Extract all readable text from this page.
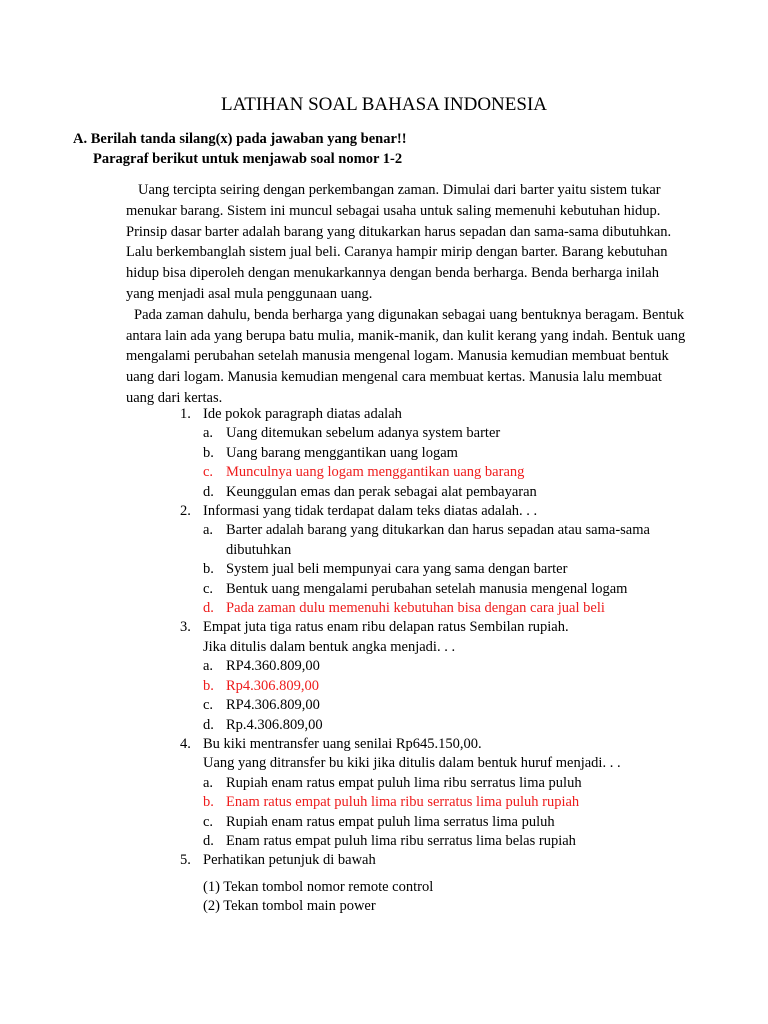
LATIHAN SOAL BAHASA INDONESIA
A. Berilah tanda silang(x) pada jawaban yang benar!!
Paragraf berikut untuk menjawab soal nomor 1-2

Uang tercipta seiring dengan perkembangan zaman. Dimulai dari barter yaitu sistem tukar menukar barang. Sistem ini muncul sebagai usaha untuk saling memenuhi kebutuhan hidup. Prinsip dasar barter adalah barang yang ditukarkan harus sepadan dan sama-sama dibutuhkan. Lalu berkembanglah sistem jual beli. Caranya hampir mirip dengan barter. Barang kebutuhan hidup bisa diperoleh dengan menukarkannya dengan benda berharga. Benda berharga inilah yang menjadi asal mula penggunaan uang.

Pada zaman dahulu, benda berharga yang digunakan sebagai uang bentuknya beragam. Bentuk antara lain ada yang berupa batu mulia, manik-manik, dan kulit kerang yang indah. Bentuk uang mengalami perubahan setelah manusia mengenal logam. Manusia kemudian membuat bentuk uang dari logam. Manusia kemudian mengenal cara membuat kertas. Manusia lalu membuat uang dari kertas.

1. Ide pokok paragraph diatas adalah
a. Uang ditemukan sebelum adanya system barter
b. Uang barang menggantikan uang logam
c. Munculnya uang logam menggantikan uang barang
d. Keunggulan emas dan perak sebagai alat pembayaran
2. Informasi yang tidak terdapat dalam teks diatas adalah. . .
a. Barter adalah barang yang ditukarkan dan harus sepadan atau sama-sama dibutuhkan
b. System jual beli mempunyai cara yang sama dengan barter
c. Bentuk uang mengalami perubahan setelah manusia mengenal logam
d. Pada zaman dulu memenuhi kebutuhan bisa dengan cara jual beli
3. Empat juta tiga ratus enam ribu delapan ratus Sembilan rupiah.
Jika ditulis dalam bentuk angka menjadi. . .
a. RP4.360.809,00
b. Rp4.306.809,00
c. RP4.306.809,00
d. Rp.4.306.809,00
4. Bu kiki mentransfer uang senilai Rp645.150,00.
Uang yang ditransfer bu kiki jika ditulis dalam bentuk huruf menjadi. . .
a. Rupiah enam ratus empat puluh lima ribu serratus lima puluh
b. Enam ratus empat puluh lima ribu serratus lima puluh rupiah
c. Rupiah enam ratus empat puluh lima serratus lima puluh
d. Enam ratus empat puluh lima ribu serratus lima belas rupiah
5. Perhatikan petunjuk di bawah
(1) Tekan tombol nomor remote control
(2) Tekan tombol main power
